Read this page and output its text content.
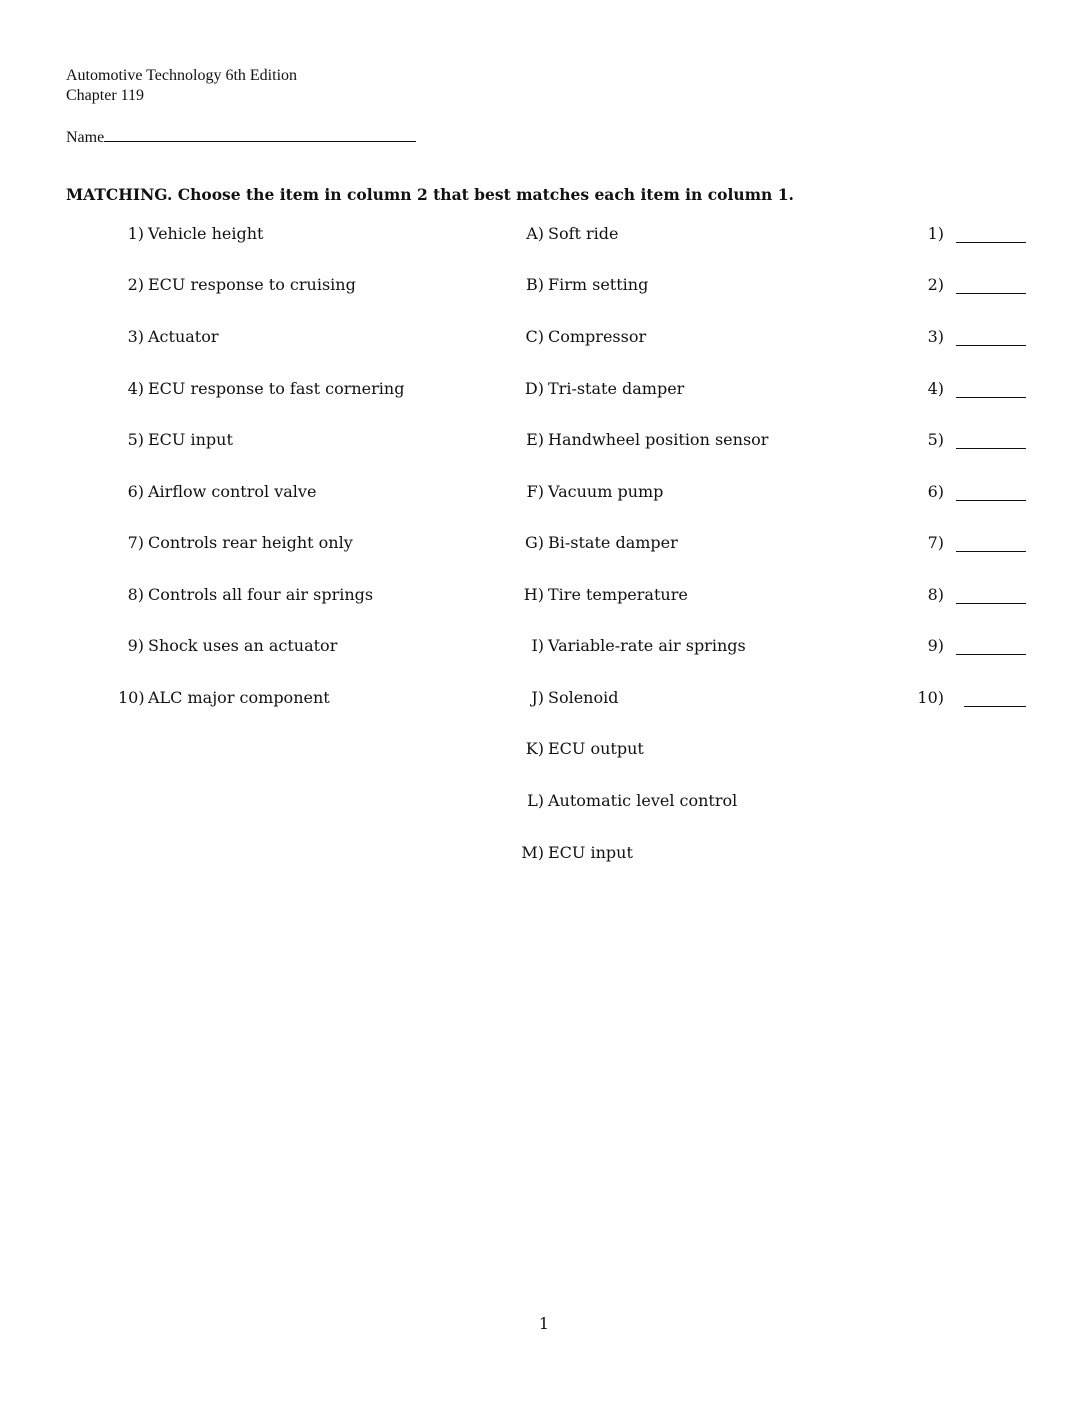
Automotive Technology 6th Edition
Chapter 119
Name
MATCHING. Choose the item in column 2 that best matches each item in column 1.
1) Vehicle height
2) ECU response to cruising
3) Actuator
4) ECU response to fast cornering
5) ECU input
6) Airflow control valve
7) Controls rear height only
8) Controls all four air springs
9) Shock uses an actuator
10) ALC major component
A) Soft ride
B) Firm setting
C) Compressor
D) Tri-state damper
E) Handwheel position sensor
F) Vacuum pump
G) Bi-state damper
H) Tire temperature
I) Variable-rate air springs
J) Solenoid
K) ECU output
L) Automatic level control
M) ECU input
1)
2)
3)
4)
5)
6)
7)
8)
9)
10)
1
